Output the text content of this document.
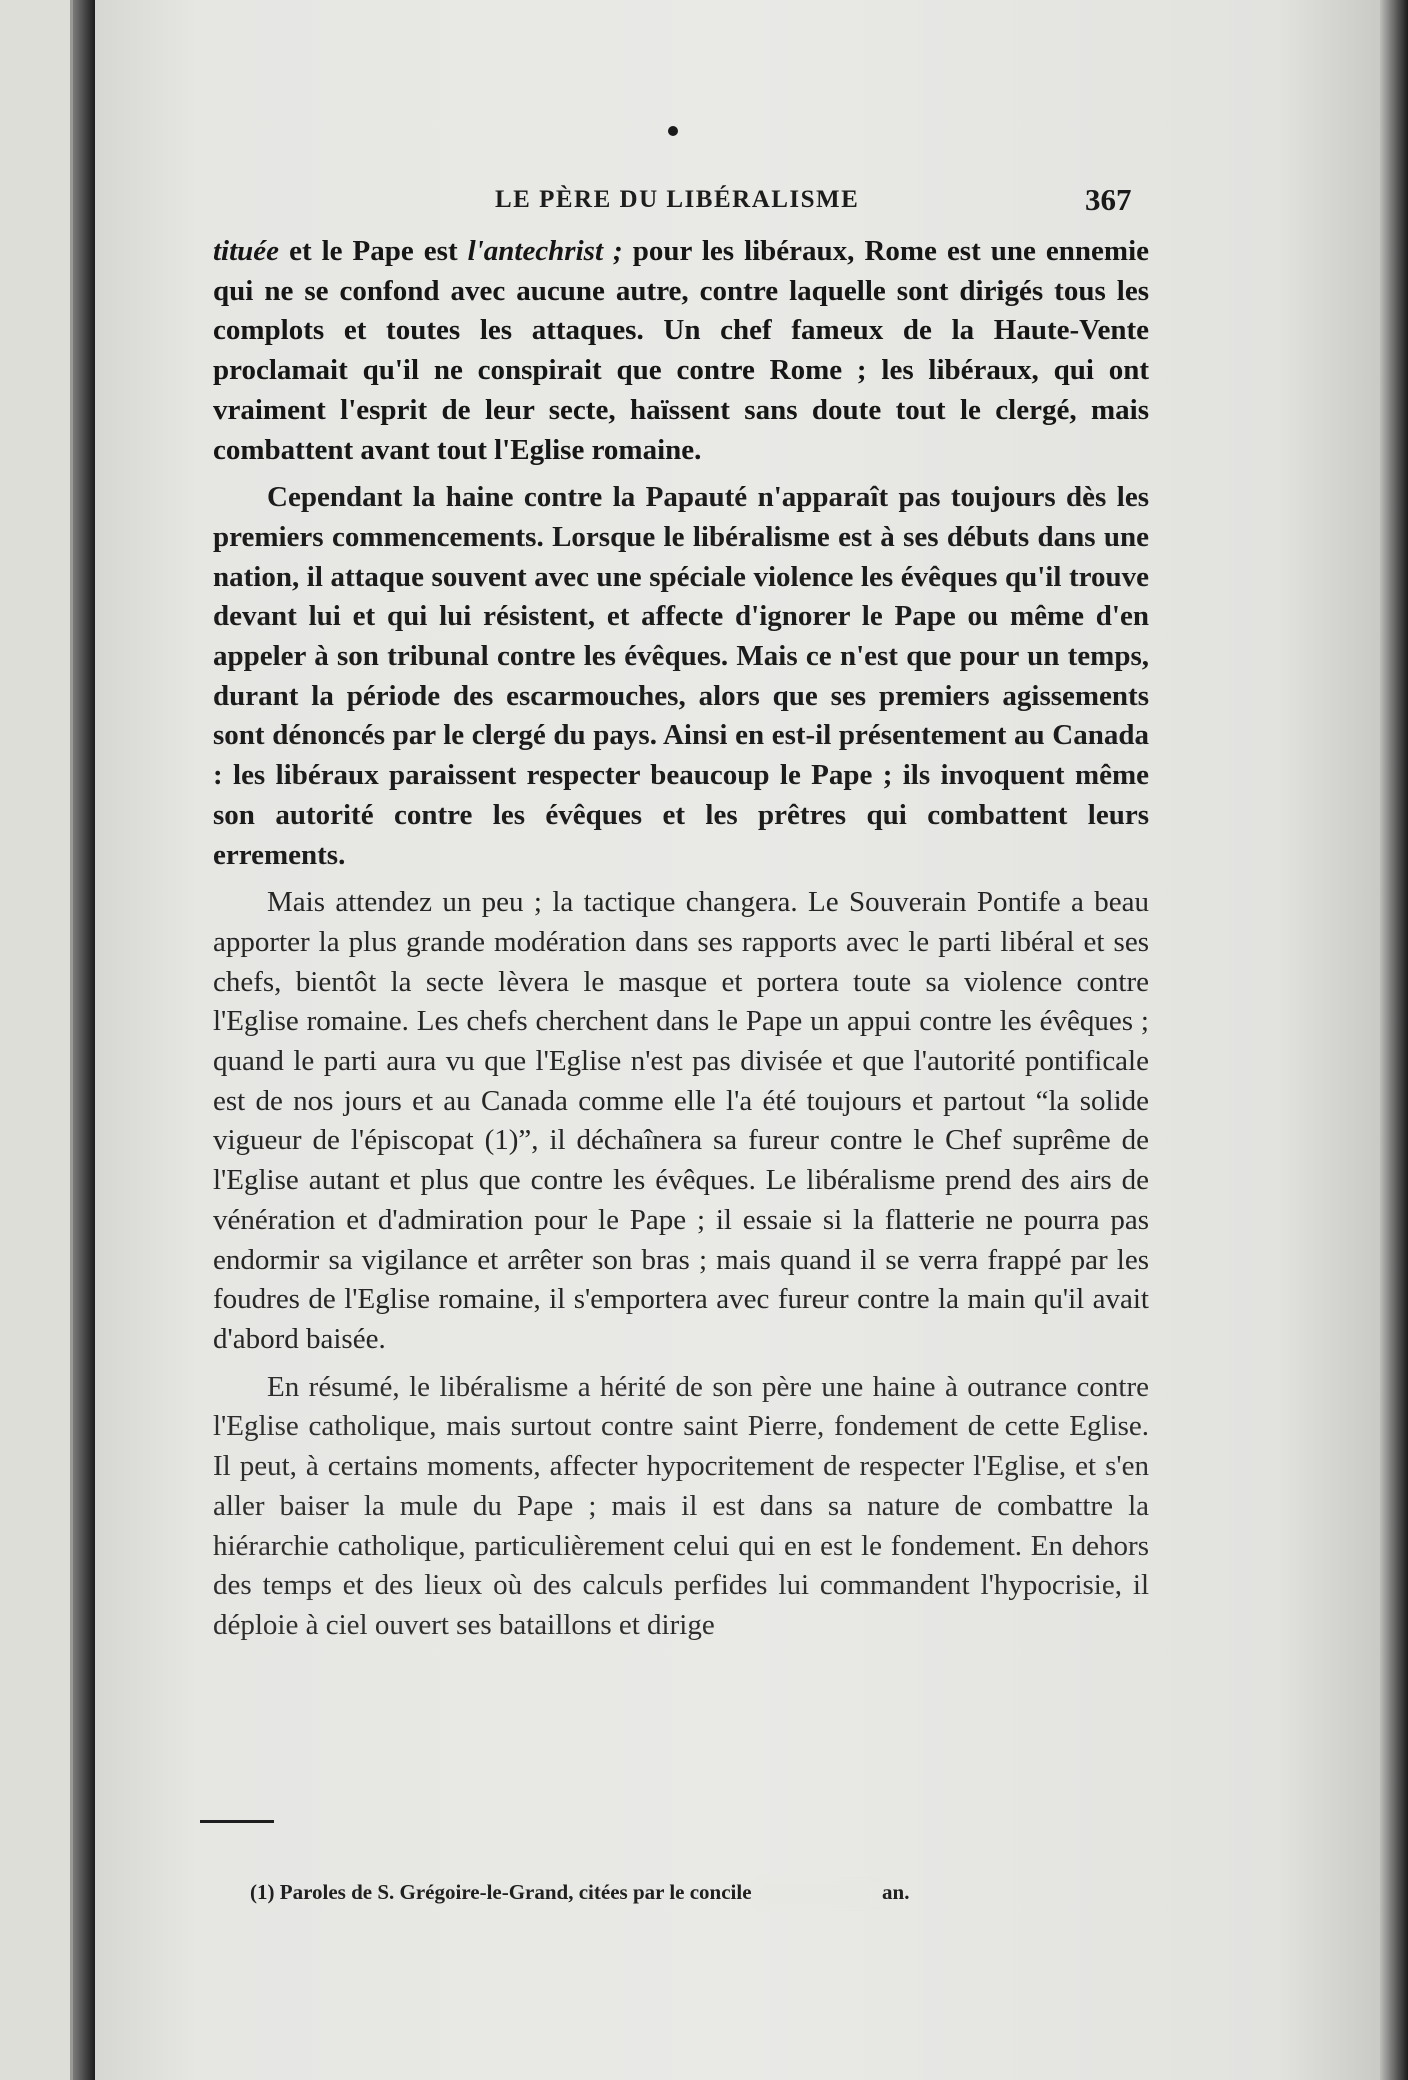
LE PÈRE DU LIBÉRALISME	367

tituée et le Pape est l'antechrist ; pour les libéraux, Rome est une ennemie qui ne se confond avec aucune autre, contre laquelle sont dirigés tous les complots et toutes les attaques. Un chef fameux de la Haute-Vente proclamait qu'il ne conspirait que contre Rome ; les libéraux, qui ont vraiment l'esprit de leur secte, haïssent sans doute tout le clergé, mais combattent avant tout l'Eglise romaine.

Cependant la haine contre la Papauté n'apparaît pas toujours dès les premiers commencements. Lorsque le libéralisme est à ses débuts dans une nation, il attaque souvent avec une spéciale violence les évêques qu'il trouve devant lui et qui lui résistent, et affecte d'ignorer le Pape ou même d'en appeler à son tribunal contre les évêques. Mais ce n'est que pour un temps, durant la période des escarmouches, alors que ses premiers agissements sont dénoncés par le clergé du pays. Ainsi en est-il présentement au Canada : les libéraux paraissent respecter beaucoup le Pape ; ils invoquent même son autorité contre les évêques et les prêtres qui combattent leurs errements.

Mais attendez un peu ; la tactique changera. Le Souverain Pontife a beau apporter la plus grande modération dans ses rapports avec le parti libéral et ses chefs, bientôt la secte lèvera le masque et portera toute sa violence contre l'Eglise romaine. Les chefs cherchent dans le Pape un appui contre les évêques ; quand le parti aura vu que l'Eglise n'est pas divisée et que l'autorité pontificale est de nos jours et au Canada comme elle l'a été toujours et partout “la solide vigueur de l'épiscopat (1)”, il déchaînera sa fureur contre le Chef suprême de l'Eglise autant et plus que contre les évêques. Le libéralisme prend des airs de vénération et d'admiration pour le Pape ; il essaie si la flatterie ne pourra pas endormir sa vigilance et arrêter son bras ; mais quand il se verra frappé par les foudres de l'Eglise romaine, il s'emportera avec fureur contre la main qu'il avait d'abord baisée.

En résumé, le libéralisme a hérité de son père une haine à outrance contre l'Eglise catholique, mais surtout contre saint Pierre, fondement de cette Eglise. Il peut, à certains moments, affecter hypocritement de respecter l'Eglise, et s'en aller baiser la mule du Pape ; mais il est dans sa nature de combattre la hiérarchie catholique, particulièrement celui qui en est le fondement. En dehors des temps et des lieux où des calculs perfides lui commandent l'hypocrisie, il déploie à ciel ouvert ses bataillons et dirige

(1) Paroles de S. Grégoire-le-Grand, citées par le concile	an.
